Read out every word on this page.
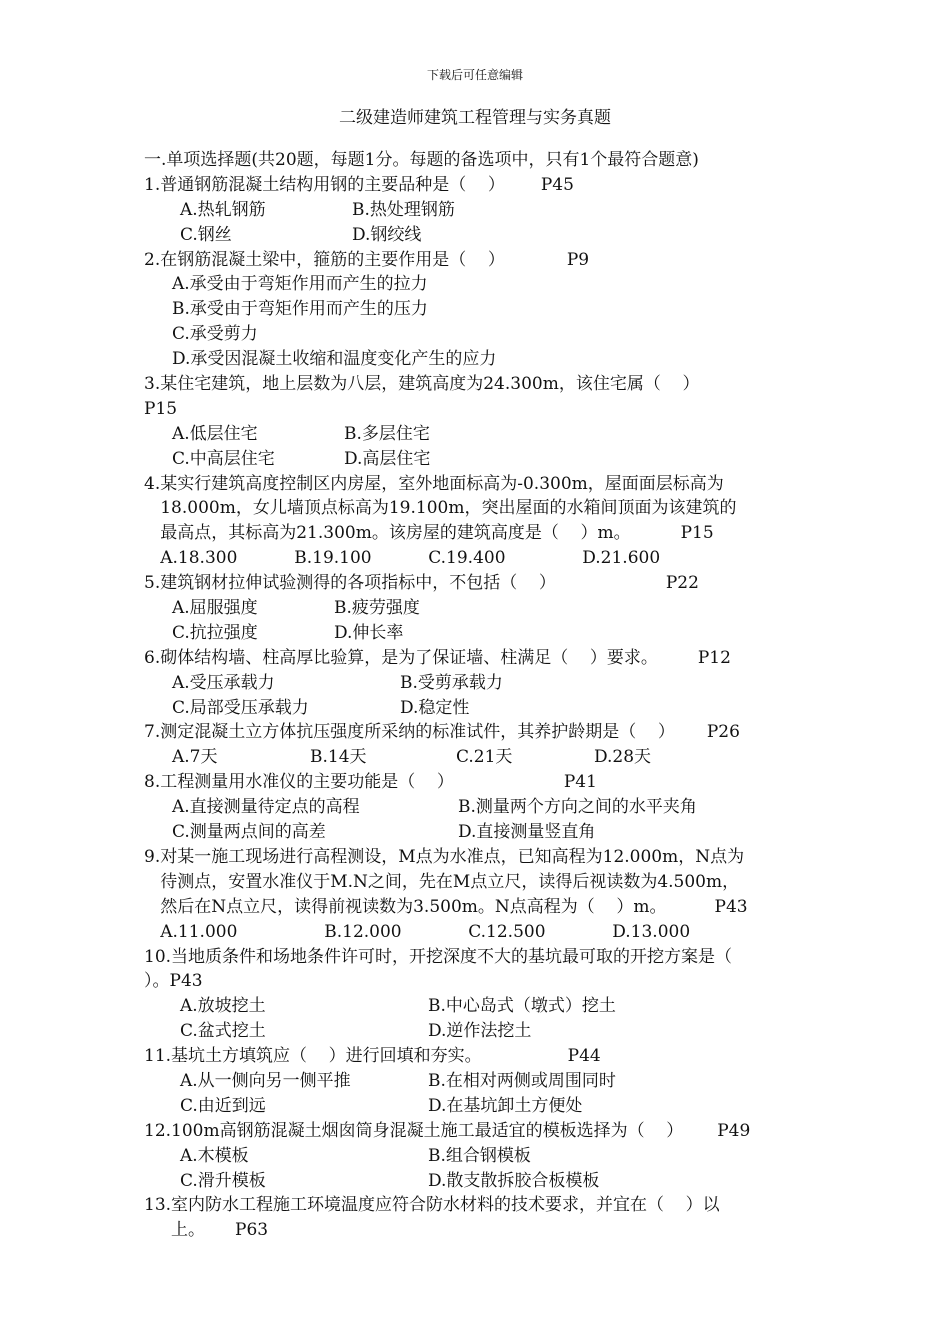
下载后可任意编辑
二级建造师建筑工程管理与实务真题
一.单项选择题(共20题，每题1分。每题的备选项中，只有1个最符合题意)
1.普通钢筋混凝土结构用钢的主要品种是（    ） P45
A.热轧钢筋	B.热处理钢筋
C.钢丝	D.钢绞线
2.在钢筋混凝土梁中，箍筋的主要作用是（    ）	P9
A.承受由于弯矩作用而产生的拉力
B.承受由于弯矩作用而产生的压力
C.承受剪力
D.承受因混凝土收缩和温度变化产生的应力
3.某住宅建筑，地上层数为八层，建筑高度为24.300m，该住宅属（    ）
P15
A.低层住宅	B.多层住宅
C.中高层住宅	D.高层住宅
4. 某实行建筑高度控制区内房屋，室外地面标高为-0.300m，屋面面层标高为
18.000m，女儿墙顶点标高为19.100m，突出屋面的水箱间顶面为该建筑的
最高点，其标高为21.300m。该房屋的建筑高度是（    ）m。	P15
A.18.300	B.19.100	C.19.400	D.21.600
5.建筑钢材拉伸试验测得的各项指标中，不包括（    ）	P22
A.屈服强度	B.疲劳强度
C.抗拉强度	D.伸长率
6.砌体结构墙、柱高厚比验算，是为了保证墙、柱满足（    ）要求。 P12
A.受压承载力	B.受剪承载力
C.局部受压承载力	D.稳定性
7.测定混凝土立方体抗压强度所采纳的标准试件，其养护龄期是（    ） P26
A.7天	B.14天	C.21天	D.28天
8.工程测量用水准仪的主要功能是（    ）	P41
A.直接测量待定点的高程	B.测量两个方向之间的水平夹角
C.测量两点间的高差	D.直接测量竖直角
9. 对某一施工现场进行高程测设，M点为水准点，已知高程为12.000m，N点为
待测点，安置水准仪于M.N之间，先在M点立尺，读得后视读数为4.500m，
然后在N点立尺，读得前视读数为3.500m。N点高程为（    ）m。	P43
A.11.000	B.12.000	C.12.500	D.13.000
10.当地质条件和场地条件许可时，开挖深度不大的基坑最可取的开挖方案是（
）。P43
A.放坡挖土	B.中心岛式（墩式）挖土
C.盆式挖土	D.逆作法挖土
11.基坑土方填筑应（    ）进行回填和夯实。	P44
A.从一侧向另一侧平推	B.在相对两侧或周围同时
C.由近到远	D.在基坑卸土方便处
12.100m高钢筋混凝土烟囱筒身混凝土施工最适宜的模板选择为（    ） P49
A.木模板	B.组合钢模板
C.滑升模板	D.散支散拆胶合板模板
13. 室内防水工程施工环境温度应符合防水材料的技术要求，并宜在（    ）以
上。 P63
